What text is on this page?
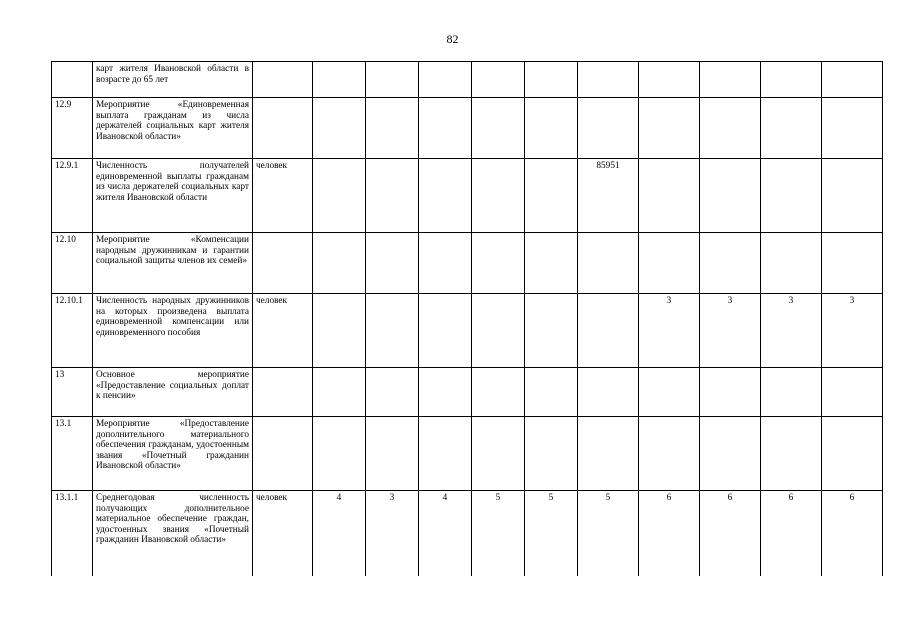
82
	карт жителя Ивановской области в возрасте до 65 лет											
12.9	Мероприятие «Единовременная выплата гражданам из числа держателей социальных карт жителя Ивановской области»											
12.9.1	Численность получателей единовременной выплаты гражданам из числа держателей социальных карт жителя Ивановской области	человек						85951				
12.10	Мероприятие «Компенсации народным дружинникам и гарантии социальной защиты членов их семей»											
12.10.1	Численность народных дружинников на которых произведена выплата единовременной компенсации или единовременного пособия	человек							3	3	3	3
13	Основное мероприятие «Предоставление социальных доплат к пенсии»											
13.1	Мероприятие «Предоставление дополнительного материального обеспечения гражданам, удостоенным звания «Почетный гражданин Ивановской области»											
13.1.1	Среднегодовая численность получающих дополнительное материальное обеспечение граждан, удостоенных звания «Почетный гражданин Ивановской области»	человек	4	3	4	5	5	5	6	6	6	6
